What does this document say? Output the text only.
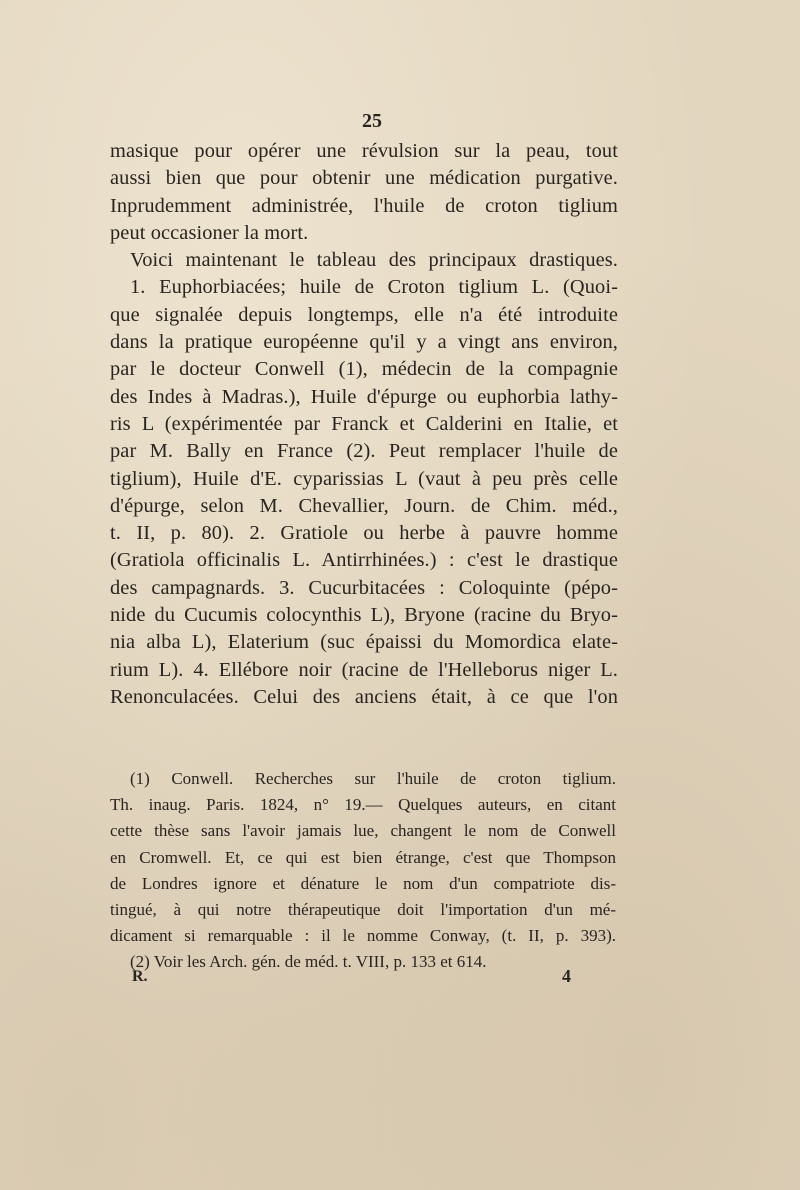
25
masique pour opérer une révulsion sur la peau, tout
aussi bien que pour obtenir une médication purgative.
Inprudemment administrée, l'huile de croton tiglium
peut occasioner la mort.
Voici maintenant le tableau des principaux drastiques.
1. Euphorbiacées; huile de Croton tiglium L. (Quoi-
que signalée depuis longtemps, elle n'a été introduite
dans la pratique européenne qu'il y a vingt ans environ,
par le docteur Conwell (1), médecin de la compagnie
des Indes à Madras.), Huile d'épurge ou euphorbia lathy-
ris L (expérimentée par Franck et Calderini en Italie, et
par M. Bally en France (2). Peut remplacer l'huile de
tiglium), Huile d'E. cyparissias L (vaut à peu près celle
d'épurge, selon M. Chevallier, Journ. de Chim. méd.,
t. II, p. 80). 2. Gratiole ou herbe à pauvre homme
(Gratiola officinalis L. Antirrhinées.) : c'est le drastique
des campagnards. 3. Cucurbitacées : Coloquinte (pépo-
nide du Cucumis colocynthis L), Bryone (racine du Bryo-
nia alba L), Elaterium (suc épaissi du Momordica elate-
rium L). 4. Ellébore noir (racine de l'Helleborus niger L.
Renonculacées. Celui des anciens était, à ce que l'on
(1) Conwell. Recherches sur l'huile de croton tiglium.
Th. inaug. Paris. 1824, n° 19.— Quelques auteurs, en citant
cette thèse sans l'avoir jamais lue, changent le nom de Conwell
en Cromwell. Et, ce qui est bien étrange, c'est que Thompson
de Londres ignore et dénature le nom d'un compatriote dis-
tingué, à qui notre thérapeutique doit l'importation d'un mé-
dicament si remarquable : il le nomme Conway, (t. II, p. 393).
(2) Voir les Arch. gén. de méd. t. VIII, p. 133 et 614.
R.	4
